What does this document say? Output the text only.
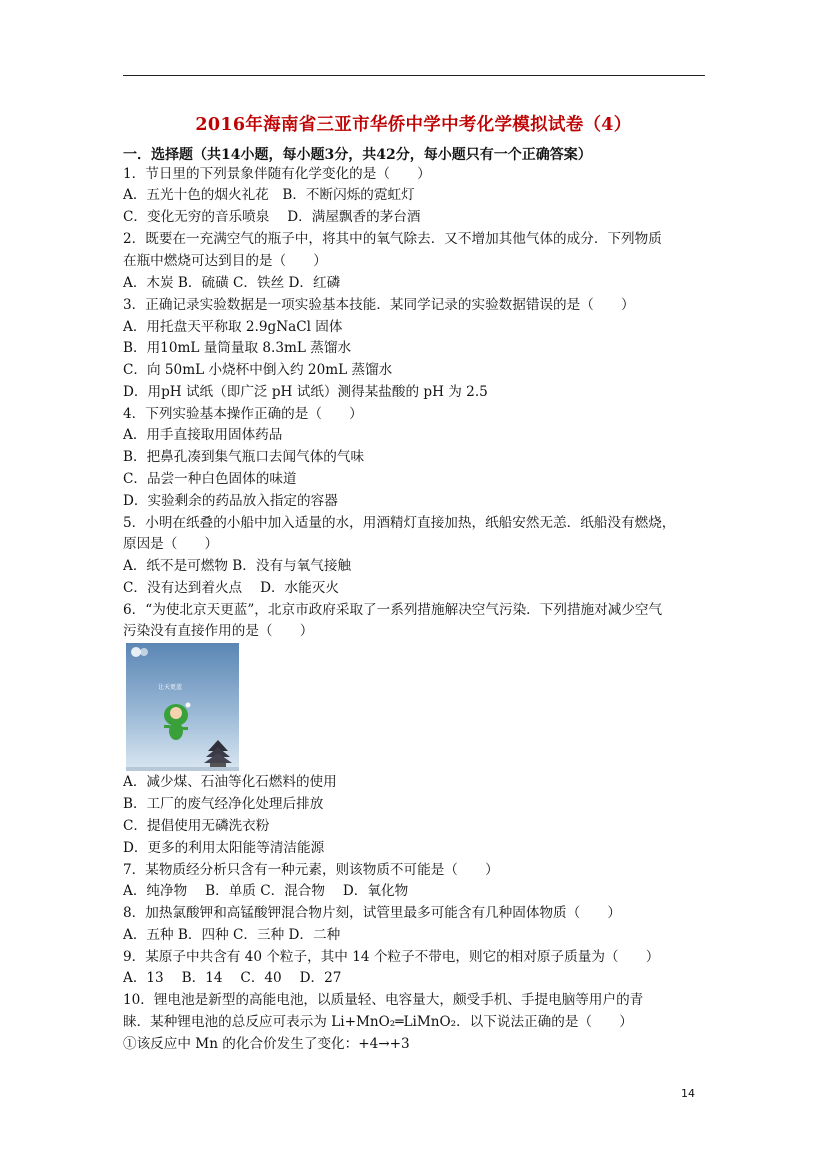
2016年海南省三亚市华侨中学中考化学模拟试卷（4）
一．选择题（共14小题，每小题3分，共42分，每小题只有一个正确答案）
1．节日里的下列景象伴随有化学变化的是（　　）
A．五光十色的烟火礼花　B．不断闪烁的霓虹灯
C．变化无穷的音乐喷泉　 D．满屋飘香的茅台酒
2．既要在一充满空气的瓶子中，将其中的氧气除去．又不增加其他气体的成分．下列物质
在瓶中燃烧可达到目的是（　　）
A．木炭 B．硫磺 C．铁丝 D．红磷
3．正确记录实验数据是一项实验基本技能．某同学记录的实验数据错误的是（　　）
A．用托盘天平称取 2.9gNaCl 固体
B．用10mL 量筒量取 8.3mL 蒸馏水
C．向 50mL 小烧杯中倒入约 20mL 蒸馏水
D．用pH 试纸（即广泛 pH 试纸）测得某盐酸的 pH 为 2.5
4．下列实验基本操作正确的是（　　）
A．用手直接取用固体药品
B．把鼻孔凑到集气瓶口去闻气体的气味
C．品尝一种白色固体的味道
D．实验剩余的药品放入指定的容器
5．小明在纸叠的小船中加入适量的水，用酒精灯直接加热，纸船安然无恙．纸船没有燃烧，
原因是（　　）
A．纸不是可燃物 B．没有与氧气接触
C．没有达到着火点　 D．水能灭火
6．“为使北京天更蓝”，北京市政府采取了一系列措施解决空气污染．下列措施对减少空气
污染没有直接作用的是（　　）
A．减少煤、石油等化石燃料的使用
B．工厂的废气经净化处理后排放
C．提倡使用无磷洗衣粉
D．更多的利用太阳能等清洁能源
7．某物质经分析只含有一种元素，则该物质不可能是（　　）
A．纯净物　 B．单质 C．混合物　 D．氧化物
8．加热氯酸钾和高锰酸钾混合物片刻，试管里最多可能含有几种固体物质（　　）
A．五种 B．四种 C．三种 D．二种
9．某原子中共含有 40 个粒子，其中 14 个粒子不带电，则它的相对原子质量为（　　）
A．13　 B．14　 C．40　 D．27
10．锂电池是新型的高能电池，以质量轻、电容量大，颇受手机、手提电脑等用户的青
睐．某种锂电池的总反应可表示为 Li+MnO₂═LiMnO₂．以下说法正确的是（　　）
①该反应中 Mn 的化合价发生了变化：+4→+3
让天更蓝
14
